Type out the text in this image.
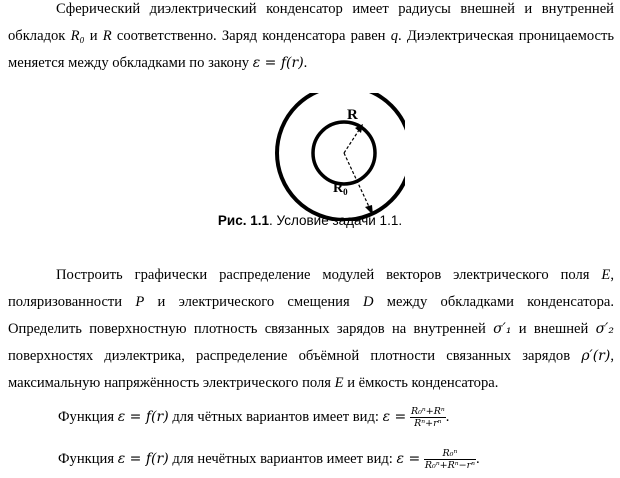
Сферический диэлектрический конденсатор имеет радиусы внешней и внутренней обкладок R₀ и R соответственно. Заряд конденсатора равен q. Диэлектрическая проницаемость меняется между обкладками по закону ε = f(r).
R
$R_0$
Рис. 1.1. Условие задачи 1.1.
Построить графически распределение модулей векторов электрического поля E, поляризованности P и электрического смещения D между обкладками конденсатора. Определить поверхностную плотность связанных зарядов на внутренней σ′₁ и внешней σ′₂ поверхностях диэлектрика, распределение объёмной плотности связанных зарядов ρ′(r), максимальную напряжённость электрического поля E и ёмкость конденсатора.
Функция ε = f(r) для чётных вариантов имеет вид: $\varepsilon = \frac{\text{R₀ⁿ+Rⁿ}}{\text{Rⁿ+rⁿ}}$ .
Функция ε = f(r) для нечётных вариантов имеет вид: $\varepsilon = \frac{\text{R₀ⁿ}}{\text{R₀ⁿ+Rⁿ−rⁿ}}$ .
